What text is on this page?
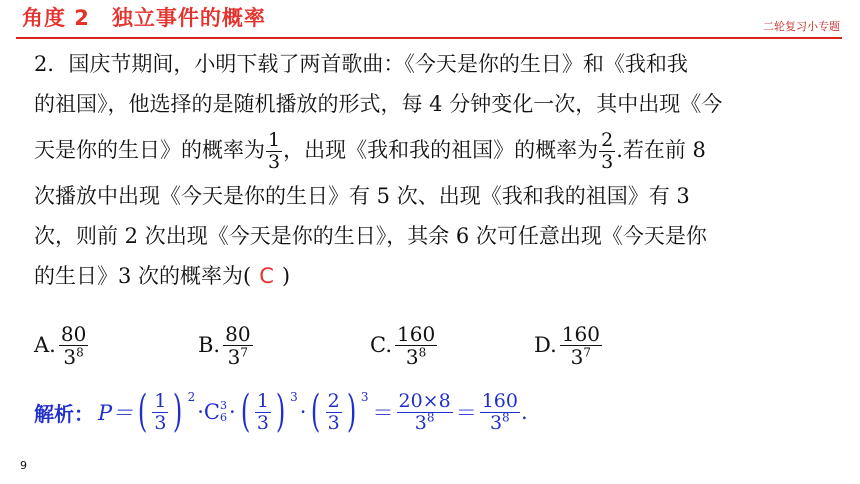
角度 2　独立事件的概率	二轮复习小专题
2．国庆节期间，小明下载了两首歌曲：《今天是你的生日》和《我和我
的祖国》，他选择的是随机播放的形式，每 4 分钟变化一次，其中出现《今
天是你的生日》的概率为 $\frac{1}{3}$ ，出现《我和我的祖国》的概率为 $\frac{2}{3}$ .若在前 8
次播放中出现《今天是你的生日》有 5 次、出现《我和我的祖国》有 3
次，则前 2 次出现《今天是你的生日》，其余 6 次可任意出现《今天是你
的生日》3 次的概率为( C )
A. $\frac{80}{3^8}$	B. $\frac{80}{3^7}$	C. $\frac{160}{3^8}$	D. $\frac{160}{3^7}$
解析： P＝ ( $\frac{1}{3}$ ) 2
·C 3
6 · ( $\frac{1}{3}$ ) 3
· ( $\frac{2}{3}$ ) 3
＝ $\frac{20\times 8}{3^8} = \frac{160}{3^8}$ .
9
